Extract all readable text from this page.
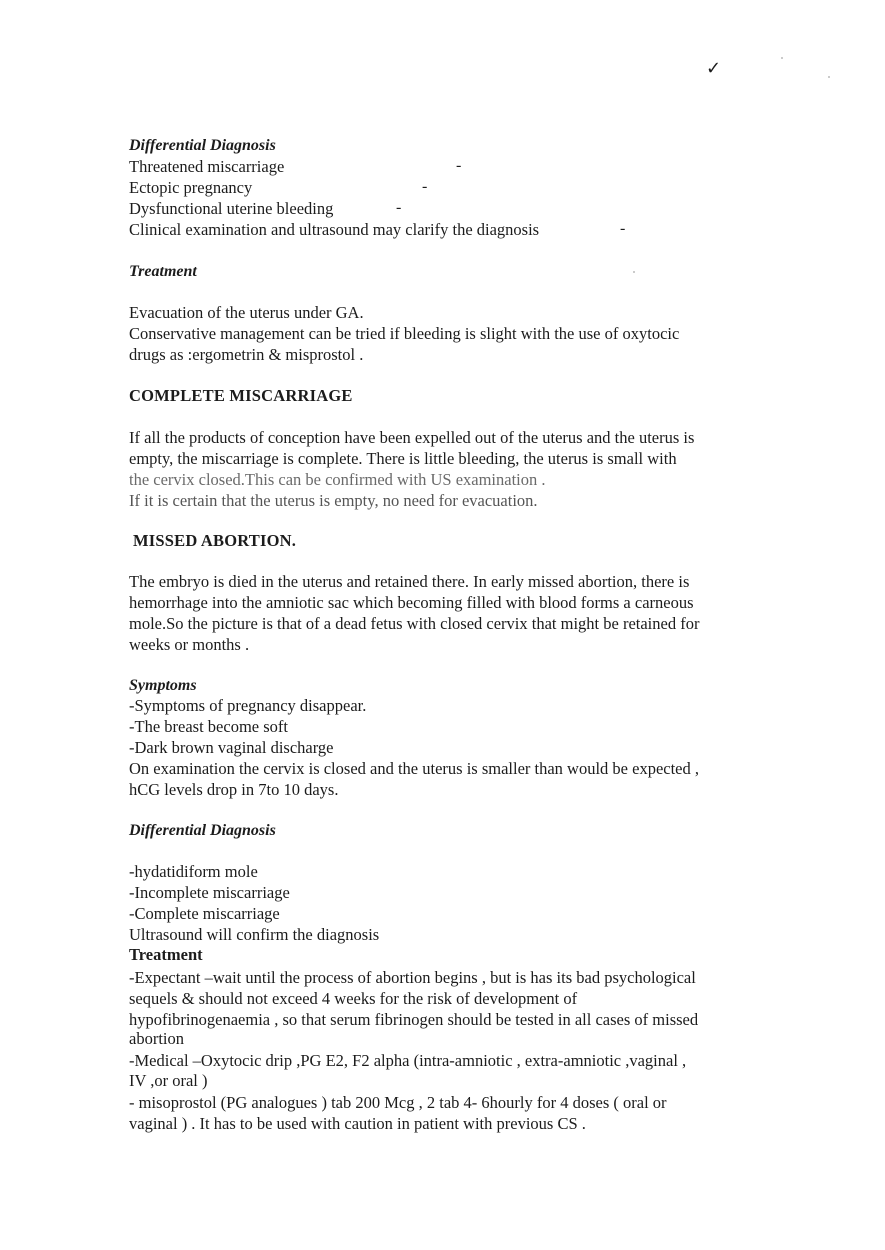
✓
Differential Diagnosis
Threatened miscarriage
Ectopic pregnancy
Dysfunctional uterine bleeding
Clinical examination and ultrasound may clarify the diagnosis
-
-
-
-
Treatment
Evacuation of the uterus under GA.
Conservative management can be tried if bleeding is slight with the use of oxytocic
drugs as :ergometrin & misprostol .
COMPLETE MISCARRIAGE
If all the products of conception have been expelled out of the uterus and the uterus is
empty, the miscarriage is complete. There is little bleeding, the uterus is small with
the cervix closed.This can be confirmed with US examination .
If it is certain that the uterus is empty, no need for evacuation.
MISSED ABORTION.
The embryo is died in the uterus and retained there. In early missed abortion, there is
hemorrhage into the amniotic sac which becoming filled with blood forms a carneous
mole.So the picture is that of a dead fetus with closed cervix that might be retained for
weeks or months .
Symptoms
-Symptoms of pregnancy disappear.
-The breast become soft
-Dark brown vaginal discharge
On examination the cervix is closed and the uterus is smaller than would be expected ,
hCG levels drop in 7to 10 days.
Differential Diagnosis
-hydatidiform mole
-Incomplete miscarriage
-Complete miscarriage
Ultrasound will confirm the diagnosis
Treatment
-Expectant –wait until the process of abortion begins , but is has its bad psychological
sequels & should not exceed 4 weeks for the risk of development of
hypofibrinogenaemia , so that serum fibrinogen should be tested in all cases of missed
abortion
-Medical –Oxytocic drip ,PG E2, F2 alpha (intra-amniotic , extra-amniotic ,vaginal ,
IV ,or oral )
- misoprostol (PG analogues ) tab 200 Mcg , 2 tab 4- 6hourly for 4 doses ( oral or
vaginal ) . It has to be used with caution in patient with previous CS .
